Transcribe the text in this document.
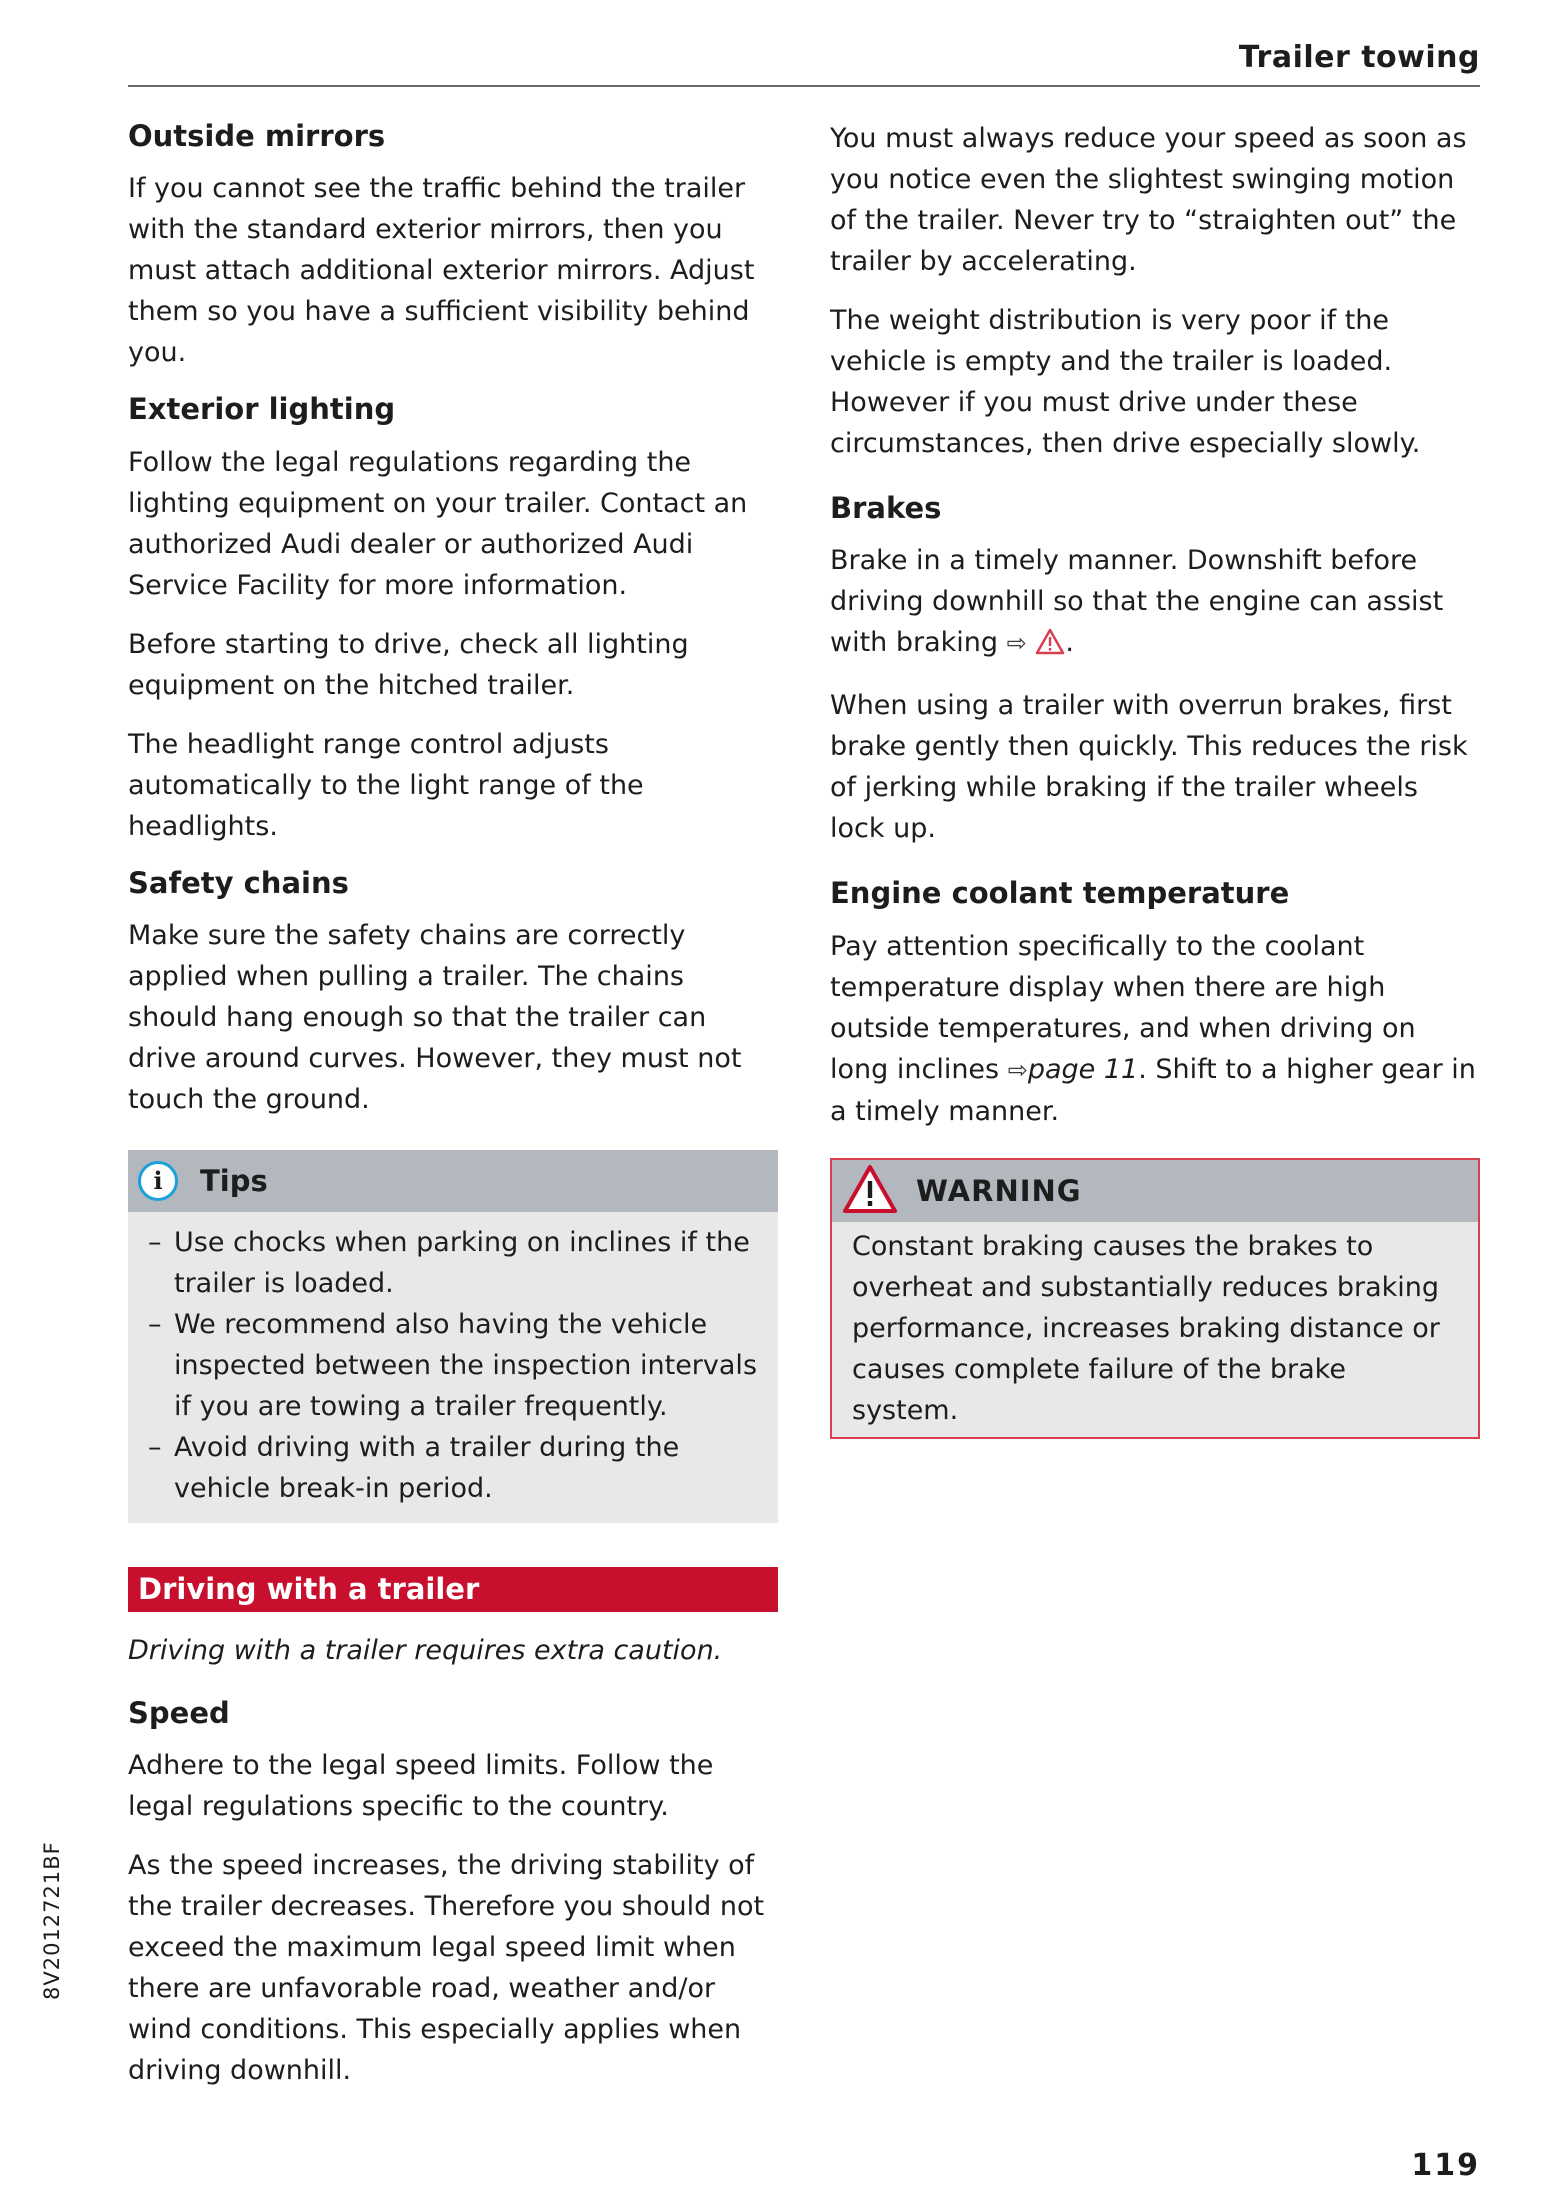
Trailer towing
Outside mirrors

If you cannot see the traffic behind the trailer with the standard exterior mirrors, then you must attach additional exterior mirrors. Adjust them so you have a sufficient visibility behind you.

Exterior lighting

Follow the legal regulations regarding the lighting equipment on your trailer. Contact an authorized Audi dealer or authorized Audi Service Facility for more information.

Before starting to drive, check all lighting equipment on the hitched trailer.

The headlight range control adjusts automatically to the light range of the headlights.

Safety chains

Make sure the safety chains are correctly applied when pulling a trailer. The chains should hang enough so that the trailer can drive around curves. However, they must not touch the ground.

i	Tips
– Use chocks when parking on inclines if the trailer is loaded.
– We recommend also having the vehicle inspected between the inspection intervals if you are towing a trailer frequently.
– Avoid driving with a trailer during the vehicle break-in period.
Driving with a trailer

Driving with a trailer requires extra caution.

Speed

Adhere to the legal speed limits. Follow the legal regulations specific to the country.

As the speed increases, the driving stability of the trailer decreases. Therefore you should not exceed the maximum legal speed limit when there are unfavorable road, weather and/or wind conditions. This especially applies when driving downhill.

You must always reduce your speed as soon as you notice even the slightest swinging motion of the trailer. Never try to “straighten out” the trailer by accelerating.

The weight distribution is very poor if the vehicle is empty and the trailer is loaded. However if you must drive under these circumstances, then drive especially slowly.

Brakes

Brake in a timely manner. Downshift before driving downhill so that the engine can assist with braking ⇨ .

When using a trailer with overrun brakes, first brake gently then quickly. This reduces the risk of jerking while braking if the trailer wheels lock up.

Engine coolant temperature

Pay attention specifically to the coolant temperature display when there are high outside temperatures, and when driving on long inclines ⇨page 11. Shift to a higher gear in a timely manner.

WARNING
Constant braking causes the brakes to overheat and substantially reduces braking performance, increases braking distance or causes complete failure of the brake system.
8V2012721BF
119
